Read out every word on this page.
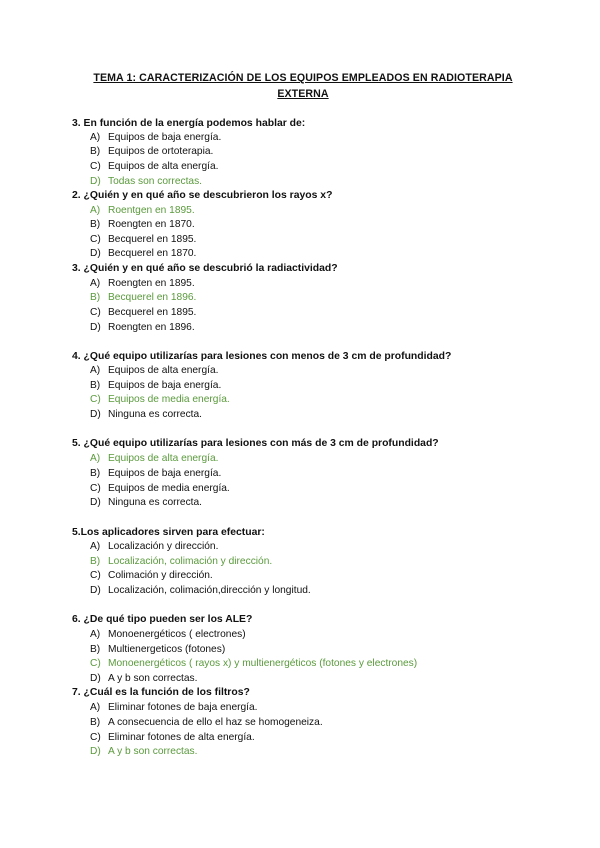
TEMA 1: CARACTERIZACIÓN DE LOS EQUIPOS EMPLEADOS EN RADIOTERAPIA EXTERNA
3. En función de la energía podemos hablar de:
A) Equipos de baja energía.
B) Equipos de ortoterapia.
C) Equipos de alta energía.
D) Todas son correctas.
2. ¿Quién y en qué año se descubrieron los rayos x?
A) Roentgen en 1895.
B) Roengten en 1870.
C) Becquerel en 1895.
D) Becquerel en 1870.
3. ¿Quién y en qué año se descubrió la radiactividad?
A) Roengten en 1895.
B) Becquerel en 1896.
C) Becquerel en 1895.
D) Roengten en 1896.
4. ¿Qué equipo utilizarías para lesiones con menos de 3 cm de profundidad?
A) Equipos de alta energía.
B) Equipos de baja energía.
C) Equipos de media energía.
D) Ninguna es correcta.
5. ¿Qué equipo utilizarías para lesiones con más de 3 cm de profundidad?
A) Equipos de alta energía.
B) Equipos de baja energía.
C) Equipos de media energía.
D) Ninguna es correcta.
5.Los aplicadores sirven para efectuar:
A) Localización y dirección.
B) Localización, colimación y dirección.
C) Colimación y dirección.
D) Localización, colimación,dirección y longitud.
6. ¿De qué tipo pueden ser los ALE?
A) Monoenergéticos ( electrones)
B) Multienergeticos (fotones)
C) Monoenergéticos ( rayos x) y multienergéticos (fotones y electrones)
D) A y b son correctas.
7. ¿Cuál es la función de los filtros?
A) Eliminar fotones de baja energía.
B) A consecuencia de ello el haz se homogeneiza.
C) Eliminar fotones de alta energía.
D) A y b son correctas.
